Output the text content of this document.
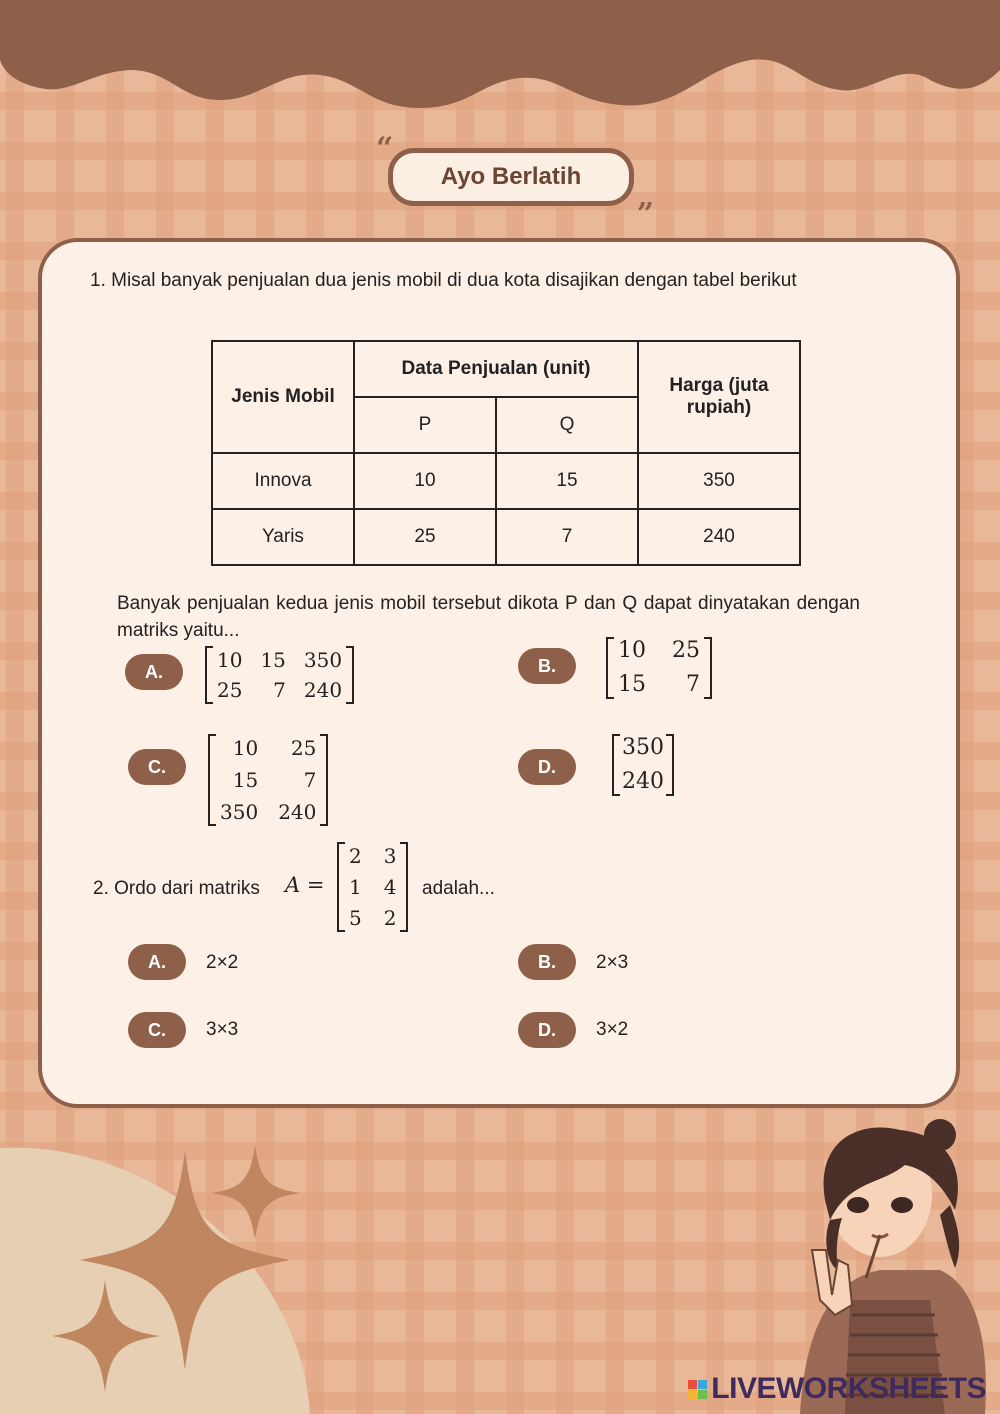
“
Ayo Berlatih
”
1. Misal banyak penjualan dua jenis mobil di dua kota disajikan dengan tabel berikut
Jenis Mobil	Data Penjualan (unit)		Harga (juta rupiah)
	P	Q	
Innova	10	15	350
Yaris	25	7	240
Banyak penjualan kedua jenis mobil tersebut dikota P dan Q dapat dinyatakan dengan matriks yaitu...
A.	10 15 350
25	7 240
B.
10 25
15	7
C.
10	25
15	7
350 240
D.
350
240
2. Ordo dari matriks A =
2 3
1 4
5 2
adalah...
A.	2×2	B.	2×3
C.	3×3	D.	3×2
LIVEWORKSHEETS
